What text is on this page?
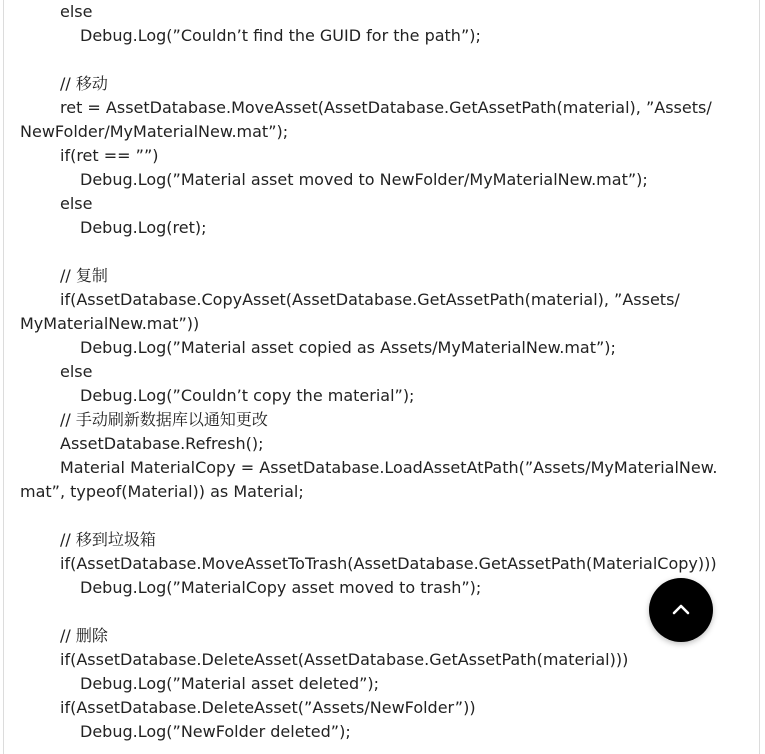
else
Debug.Log(”Couldn’t find the GUID for the path”);
// 移动
ret = AssetDatabase.MoveAsset(AssetDatabase.GetAssetPath(material), ”Assets/
NewFolder/MyMaterialNew.mat”);
if(ret == ””)
Debug.Log(”Material asset moved to NewFolder/MyMaterialNew.mat”);
else
Debug.Log(ret);
// 复制
if(AssetDatabase.CopyAsset(AssetDatabase.GetAssetPath(material), ”Assets/
MyMaterialNew.mat”))
Debug.Log(”Material asset copied as Assets/MyMaterialNew.mat”);
else
Debug.Log(”Couldn’t copy the material”);
// 手动刷新数据库以通知更改
AssetDatabase.Refresh();
Material MaterialCopy = AssetDatabase.LoadAssetAtPath(”Assets/MyMaterialNew.
mat”, typeof(Material)) as Material;
// 移到垃圾箱
if(AssetDatabase.MoveAssetToTrash(AssetDatabase.GetAssetPath(MaterialCopy)))
Debug.Log(”MaterialCopy asset moved to trash”);
// 删除
if(AssetDatabase.DeleteAsset(AssetDatabase.GetAssetPath(material)))
Debug.Log(”Material asset deleted”);
if(AssetDatabase.DeleteAsset(”Assets/NewFolder”))
Debug.Log(”NewFolder deleted”);
